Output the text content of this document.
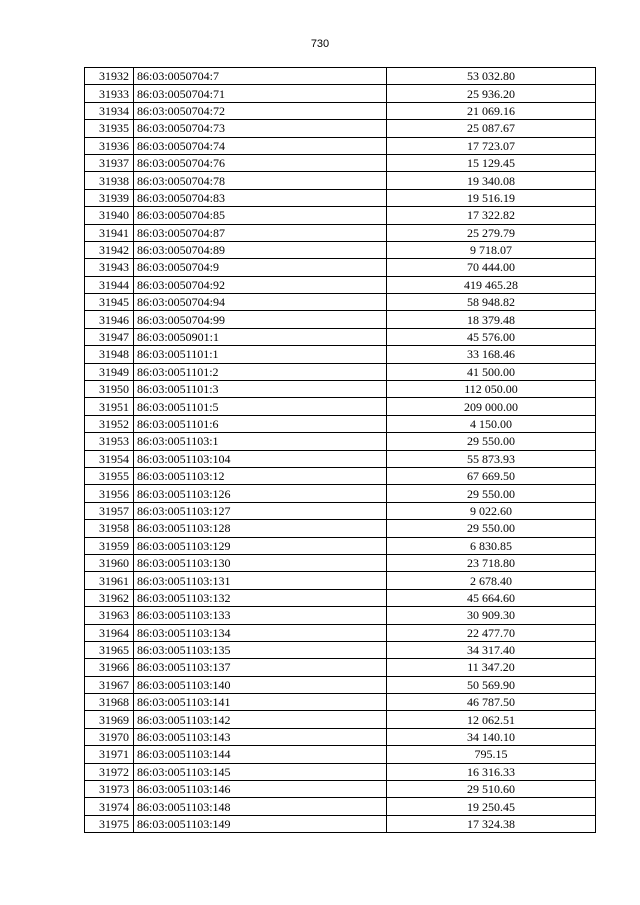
730
31932	86:03:0050704:7	53 032.80
31933	86:03:0050704:71	25 936.20
31934	86:03:0050704:72	21 069.16
31935	86:03:0050704:73	25 087.67
31936	86:03:0050704:74	17 723.07
31937	86:03:0050704:76	15 129.45
31938	86:03:0050704:78	19 340.08
31939	86:03:0050704:83	19 516.19
31940	86:03:0050704:85	17 322.82
31941	86:03:0050704:87	25 279.79
31942	86:03:0050704:89	9 718.07
31943	86:03:0050704:9	70 444.00
31944	86:03:0050704:92	419 465.28
31945	86:03:0050704:94	58 948.82
31946	86:03:0050704:99	18 379.48
31947	86:03:0050901:1	45 576.00
31948	86:03:0051101:1	33 168.46
31949	86:03:0051101:2	41 500.00
31950	86:03:0051101:3	112 050.00
31951	86:03:0051101:5	209 000.00
31952	86:03:0051101:6	4 150.00
31953	86:03:0051103:1	29 550.00
31954	86:03:0051103:104	55 873.93
31955	86:03:0051103:12	67 669.50
31956	86:03:0051103:126	29 550.00
31957	86:03:0051103:127	9 022.60
31958	86:03:0051103:128	29 550.00
31959	86:03:0051103:129	6 830.85
31960	86:03:0051103:130	23 718.80
31961	86:03:0051103:131	2 678.40
31962	86:03:0051103:132	45 664.60
31963	86:03:0051103:133	30 909.30
31964	86:03:0051103:134	22 477.70
31965	86:03:0051103:135	34 317.40
31966	86:03:0051103:137	11 347.20
31967	86:03:0051103:140	50 569.90
31968	86:03:0051103:141	46 787.50
31969	86:03:0051103:142	12 062.51
31970	86:03:0051103:143	34 140.10
31971	86:03:0051103:144	795.15
31972	86:03:0051103:145	16 316.33
31973	86:03:0051103:146	29 510.60
31974	86:03:0051103:148	19 250.45
31975	86:03:0051103:149	17 324.38
